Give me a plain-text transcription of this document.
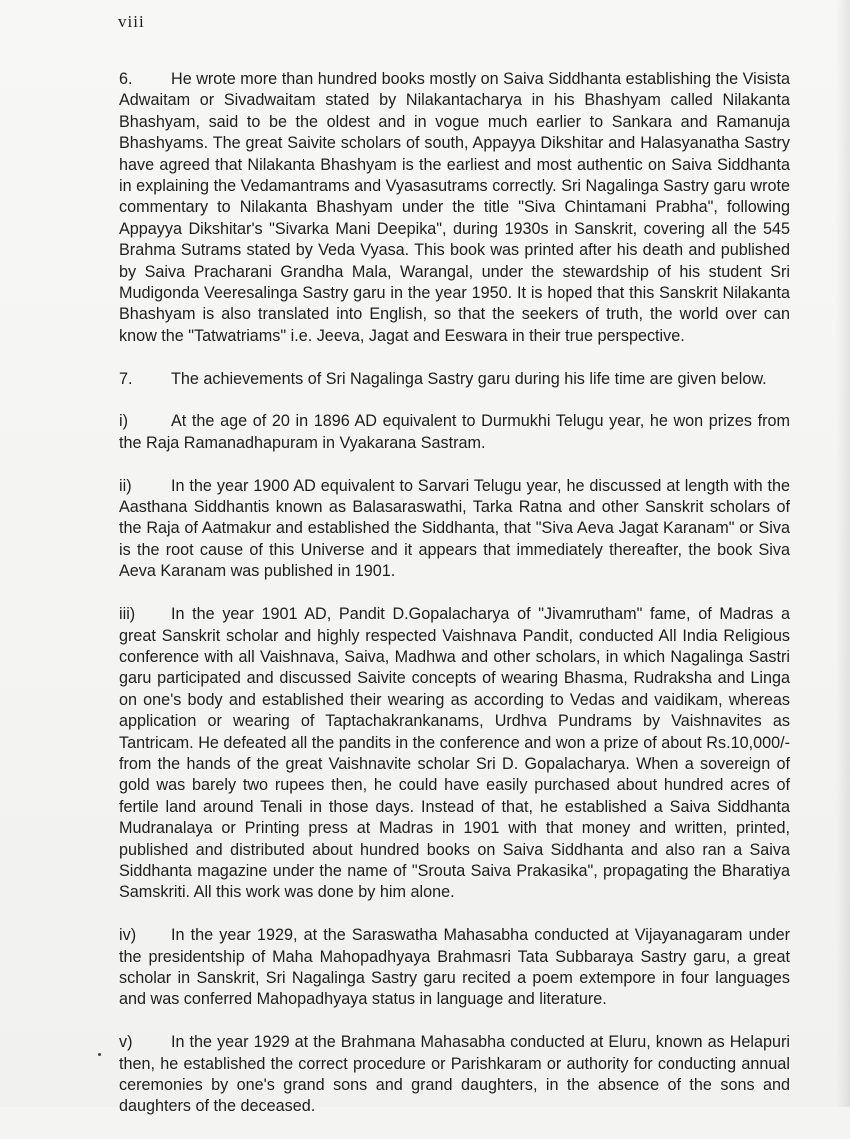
viii

6. He wrote more than hundred books mostly on Saiva Siddhanta establishing the Visista Adwaitam or Sivadwaitam stated by Nilakantacharya in his Bhashyam called Nilakanta Bhashyam, said to be the oldest and in vogue much earlier to Sankara and Ramanuja Bhashyams. The great Saivite scholars of south, Appayya Dikshitar and Halasyanatha Sastry have agreed that Nilakanta Bhashyam is the earliest and most authentic on Saiva Siddhanta in explaining the Vedamantrams and Vyasasutrams correctly. Sri Nagalinga Sastry garu wrote commentary to Nilakanta Bhashyam under the title "Siva Chintamani Prabha", following Appayya Dikshitar's "Sivarka Mani Deepika", during 1930s in Sanskrit, covering all the 545 Brahma Sutrams stated by Veda Vyasa. This book was printed after his death and published by Saiva Pracharani Grandha Mala, Warangal, under the stewardship of his student Sri Mudigonda Veeresalinga Sastry garu in the year 1950. It is hoped that this Sanskrit Nilakanta Bhashyam is also translated into English, so that the seekers of truth, the world over can know the "Tatwatriams" i.e. Jeeva, Jagat and Eeswara in their true perspective.

7. The achievements of Sri Nagalinga Sastry garu during his life time are given below.

i)	At the age of 20 in 1896 AD equivalent to Durmukhi Telugu year, he won prizes from the Raja Ramanadhapuram in Vyakarana Sastram.

ii) In the year 1900 AD equivalent to Sarvari Telugu year, he discussed at length with the Aasthana Siddhantis known as Balasaraswathi, Tarka Ratna and other Sanskrit scholars of the Raja of Aatmakur and established the Siddhanta, that "Siva Aeva Jagat Karanam" or Siva is the root cause of this Universe and it appears that immediately thereafter, the book Siva Aeva Karanam was published in 1901.

iii) In the year 1901 AD, Pandit D.Gopalacharya of "Jivamrutham" fame, of Madras a great Sanskrit scholar and highly respected Vaishnava Pandit, conducted All India Religious conference with all Vaishnava, Saiva, Madhwa and other scholars, in which Nagalinga Sastri garu participated and discussed Saivite concepts of wearing Bhasma, Rudraksha and Linga on one's body and established their wearing as according to Vedas and vaidikam, whereas application or wearing of Taptachakrankanams, Urdhva Pundrams by Vaishnavites as Tantricam. He defeated all the pandits in the conference and won a prize of about Rs.10,000/- from the hands of the great Vaishnavite scholar Sri D. Gopalacharya. When a sovereign of gold was barely two rupees then, he could have easily purchased about hundred acres of fertile land around Tenali in those days. Instead of that, he established a Saiva Siddhanta Mudranalaya or Printing press at Madras in 1901 with that money and written, printed, published and distributed about hundred books on Saiva Siddhanta and also ran a Saiva Siddhanta magazine under the name of "Srouta Saiva Prakasika", propagating the Bharatiya Samskriti. All this work was done by him alone.

iv) In the year 1929, at the Saraswatha Mahasabha conducted at Vijayanagaram under the presidentship of Maha Mahopadhyaya Brahmasri Tata Subbaraya Sastry garu, a great scholar in Sanskrit, Sri Nagalinga Sastry garu recited a poem extempore in four languages and was conferred Mahopadhyaya status in language and literature.

v) In the year 1929 at the Brahmana Mahasabha conducted at Eluru, known as Helapuri then, he established the correct procedure or Parishkaram or authority for conducting annual ceremonies by one's grand sons and grand daughters, in the absence of the sons and daughters of the deceased.
